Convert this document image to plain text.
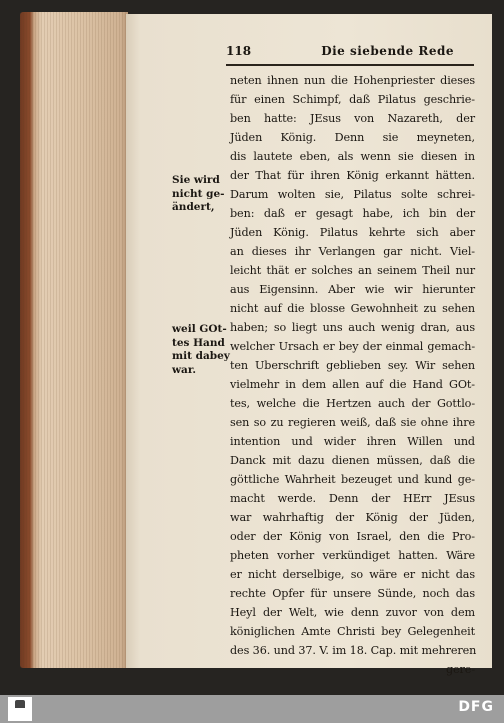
118	Die siebende Rede
Sie wird
nicht ge-
ändert,
weil GOt-
tes Hand
mit dabey
war.
neten ihnen nun die Hohenpriester dieses
für einen Schimpf, daß Pilatus geschrie-
ben hatte: JEsus von Nazareth, der
Jüden König. Denn sie meyneten,
dis lautete eben, als wenn sie diesen in
der That für ihren König erkannt hätten.
Darum wolten sie, Pilatus solte schrei-
ben: daß er gesagt habe, ich bin der
Jüden König. Pilatus kehrte sich aber
an dieses ihr Verlangen gar nicht. Viel-
leicht thät er solches an seinem Theil nur
aus Eigensinn. Aber wie wir hierunter
nicht auf die blosse Gewohnheit zu sehen
haben; so liegt uns auch wenig dran, aus
welcher Ursach er bey der einmal gemach-
ten Uberschrift geblieben sey. Wir sehen
vielmehr in dem allen auf die Hand GOt-
tes, welche die Hertzen auch der Gottlo-
sen so zu regieren weiß, daß sie ohne ihre
intention und wider ihren Willen und
Danck mit dazu dienen müssen, daß die
göttliche Wahrheit bezeuget und kund ge-
macht werde. Denn der HErr JEsus
war wahrhaftig der König der Jüden,
oder der König von Israel, den die Pro-
pheten vorher verkündiget hatten. Wäre
er nicht derselbige, so wäre er nicht das
rechte Opfer für unsere Sünde, noch das
Heyl der Welt, wie denn zuvor von dem
königlichen Amte Christi bey Gelegenheit
des 36. und 37. V. im 18. Cap. mit mehreren
gere-
DFG
